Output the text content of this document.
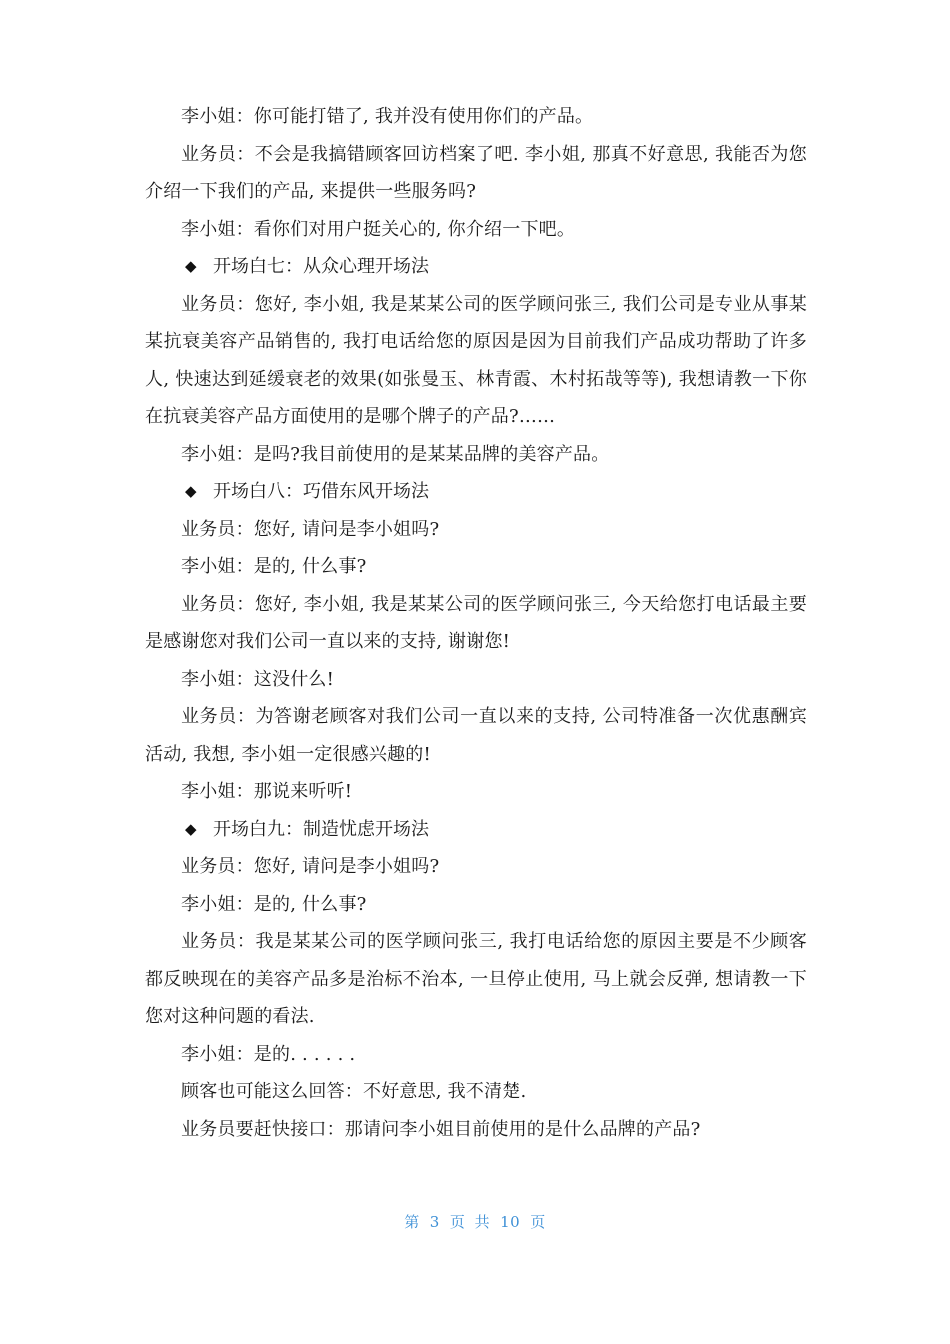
李小姐：你可能打错了, 我并没有使用你们的产品。

业务员：不会是我搞错顾客回访档案了吧. 李小姐, 那真不好意思, 我能否为您介绍一下我们的产品, 来提供一些服务吗?

李小姐：看你们对用户挺关心的, 你介绍一下吧。

◆ 开场白七：从众心理开场法

业务员：您好, 李小姐, 我是某某公司的医学顾问张三, 我们公司是专业从事某某抗衰美容产品销售的, 我打电话给您的原因是因为目前我们产品成功帮助了许多人, 快速达到延缓衰老的效果(如张曼玉、林青霞、木村拓哉等等), 我想请教一下你在抗衰美容产品方面使用的是哪个牌子的产品?……

李小姐：是吗?我目前使用的是某某品牌的美容产品。

◆ 开场白八：巧借东风开场法

业务员：您好, 请问是李小姐吗?

李小姐：是的, 什么事?

业务员：您好, 李小姐, 我是某某公司的医学顾问张三, 今天给您打电话最主要是感谢您对我们公司一直以来的支持, 谢谢您!

李小姐：这没什么!

业务员：为答谢老顾客对我们公司一直以来的支持, 公司特准备一次优惠酬宾活动, 我想, 李小姐一定很感兴趣的!

李小姐：那说来听听!

◆ 开场白九：制造忧虑开场法

业务员：您好, 请问是李小姐吗?

李小姐：是的, 什么事?

业务员：我是某某公司的医学顾问张三, 我打电话给您的原因主要是不少顾客都反映现在的美容产品多是治标不治本, 一旦停止使用, 马上就会反弹, 想请教一下您对这种问题的看法.

李小姐：是的. . . . . .

顾客也可能这么回答：不好意思, 我不清楚.

业务员要赶快接口：那请问李小姐目前使用的是什么品牌的产品?

第 3 页 共 10 页
